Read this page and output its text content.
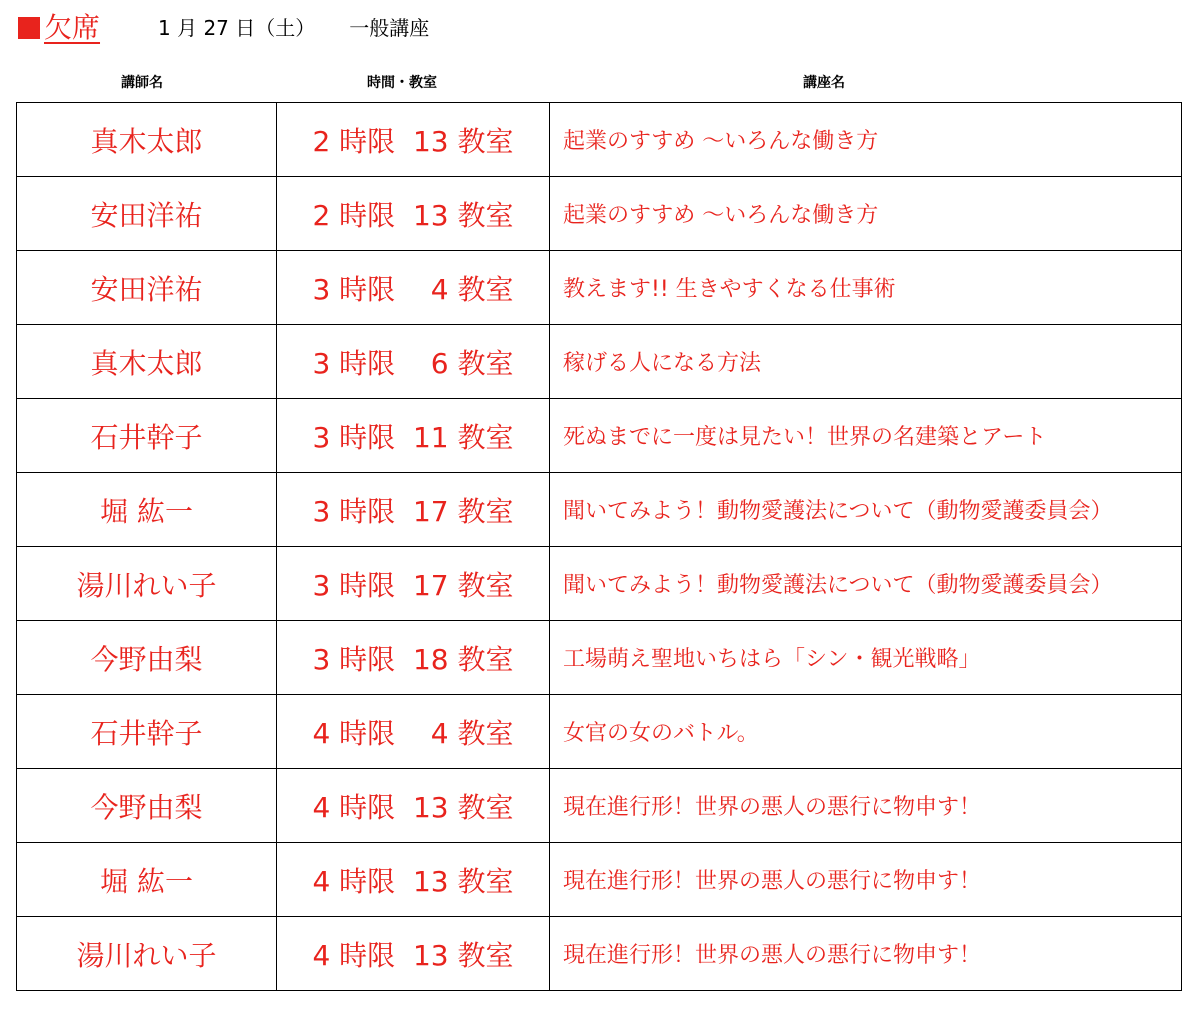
欠席	1 月 27 日（土） 一般講座
講師名	時間・教室	講座名
真木太郎	2 時限  13 教室	起業のすすめ ～いろんな働き方
安田洋祐	2 時限  13 教室	起業のすすめ ～いろんな働き方
安田洋祐	3 時限    4 教室	教えます!! 生きやすくなる仕事術
真木太郎	3 時限    6 教室	稼げる人になる方法
石井幹子	3 時限  11 教室	死ぬまでに一度は見たい！世界の名建築とアート
堀 紘一	3 時限  17 教室	聞いてみよう！動物愛護法について（動物愛護委員会）
湯川れい子	3 時限  17 教室	聞いてみよう！動物愛護法について（動物愛護委員会）
今野由梨	3 時限  18 教室	工場萌え聖地いちはら「シン・観光戦略」
石井幹子	4 時限    4 教室	女官の女のバトル。
今野由梨	4 時限  13 教室	現在進行形！世界の悪人の悪行に物申す！
堀 紘一	4 時限  13 教室	現在進行形！世界の悪人の悪行に物申す！
湯川れい子	4 時限  13 教室	現在進行形！世界の悪人の悪行に物申す！
